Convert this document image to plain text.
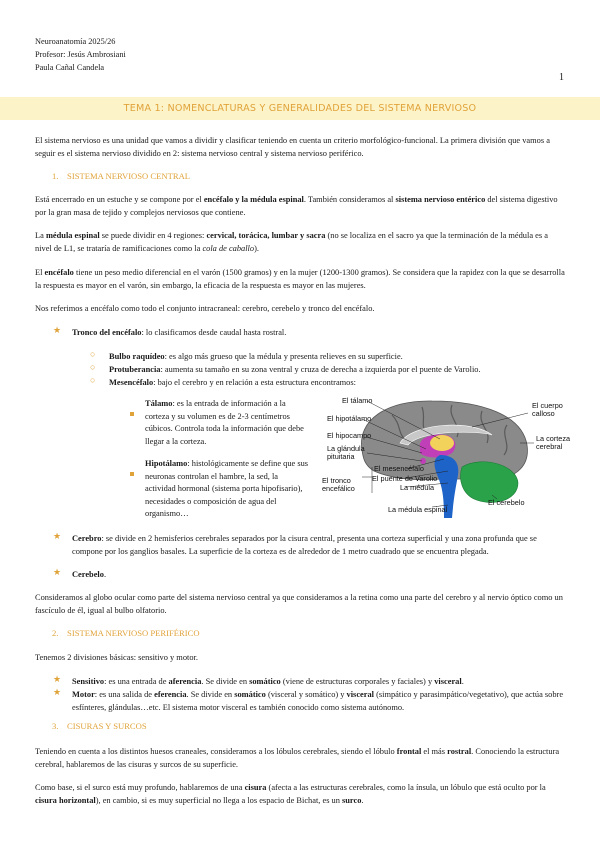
Neuroanatomía 2025/26
Profesor: Jesús Ambrosiani
Paula Cañal Candela
1
TEMA 1: NOMENCLATURAS Y GENERALIDADES DEL SISTEMA NERVIOSO
El sistema nervioso es una unidad que vamos a dividir y clasificar teniendo en cuenta un criterio morfológico-funcional. La primera división que vamos a seguir es el sistema nervioso dividido en 2: sistema nervioso central y sistema nervioso periférico.
1. SISTEMA NERVIOSO CENTRAL
Está encerrado en un estuche y se compone por el encéfalo y la médula espinal. También consideramos al sistema nervioso entérico del sistema digestivo por la gran masa de tejido y complejos nerviosos que contiene.
La médula espinal se puede dividir en 4 regiones: cervical, torácica, lumbar y sacra (no se localiza en el sacro ya que la terminación de la médula es a nivel de L1, se trataría de ramificaciones como la cola de caballo).
El encéfalo tiene un peso medio diferencial en el varón (1500 gramos) y en la mujer (1200-1300 gramos). Se considera que la rapidez con la que se desarrolla la respuesta es mayor en el varón, sin embargo, la eficacia de la respuesta es mayor en las mujeres.
Nos referimos a encéfalo como todo el conjunto intracraneal: cerebro, cerebelo y tronco del encéfalo.
★ Tronco del encéfalo: lo clasificamos desde caudal hasta rostral.
○ Bulbo raquídeo: es algo más grueso que la médula y presenta relieves en su superficie.
○ Protuberancia: aumenta su tamaño en su zona ventral y cruza de derecha a izquierda por el puente de Varolio.
○ Mesencéfalo: bajo el cerebro y en relación a esta estructura encontramos:
Tálamo: es la entrada de información a la corteza y su volumen es de 2-3 centímetros cúbicos. Controla toda la información que debe llegar a la corteza.
Hipotálamo: histológicamente se define que sus neuronas controlan el hambre, la sed, la actividad hormonal (sistema porta hipofisario), necesidades o composición de agua del organismo…
El tálamo
El hipotálamo
El hipocampo
La glándula
pituitaria
El tronco
encefálico
El mesencéfalo
El puente de Varolio
La médula
La médula espinal
El cuerpo
calloso
La corteza
cerebral
El cerebelo
★ Cerebro: se divide en 2 hemisferios cerebrales separados por la cisura central, presenta una corteza superficial y una zona profunda que se compone por los ganglios basales. La superficie de la corteza es de alrededor de 1 metro cuadrado que se encuentra plegada.
★ Cerebelo.
Consideramos al globo ocular como parte del sistema nervioso central ya que consideramos a la retina como una parte del cerebro y al nervio óptico como un fascículo de él, igual al bulbo olfatorio.
2. SISTEMA NERVIOSO PERIFÉRICO
Tenemos 2 divisiones básicas: sensitivo y motor.
★ Sensitivo: es una entrada de aferencia. Se divide en somático (viene de estructuras corporales y faciales) y visceral.
★ Motor: es una salida de eferencia. Se divide en somático (visceral y somático) y visceral (simpático y parasimpático/vegetativo), que actúa sobre esfínteres, glándulas…etc. El sistema motor visceral es también conocido como sistema autónomo.
3. CISURAS Y SURCOS
Teniendo en cuenta a los distintos huesos craneales, consideramos a los lóbulos cerebrales, siendo el lóbulo frontal el más rostral. Conociendo la estructura cerebral, hablaremos de las cisuras y surcos de su superficie.
Como base, si el surco está muy profundo, hablaremos de una cisura (afecta a las estructuras cerebrales, como la ínsula, un lóbulo que está oculto por la cisura horizontal), en cambio, si es muy superficial no llega a los espacio de Bichat, es un surco.
